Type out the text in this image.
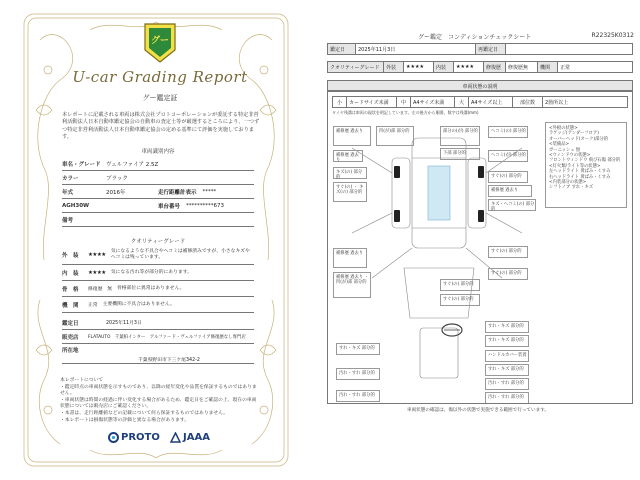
グー
U-car Grading Report
グー鑑定証
本レポートに記載される車両は株式会社プロトコーポレーションが委託する特定非営利活動法人日本自動車鑑定協会の自動車の査定士等が厳選するところにより、一つずつ特定非営利活動法人日本自動車鑑定協会の定める基準にて評価を実施しております。
車両識別内容
車名・グレード ヴェルファイア 2.5Z
カラー	ブラック
年式	2016年	走行距離計表示 *****
AGH30W	車台番号 **********673
備考
クオリティーグレード
外　装	★★★★
気になるような不具合やヘコミは補修済みですが、小さなキズやヘコミは残っています。
内　装	★★★★ 気になる汚れ等が部分的にあります。
骨　格	修復歴　無 骨格部位に異常はありません。
機　関	正常 主要機関に不具合はありません。
鑑定日	2025年11月3日
販売店	FLATAUTO　千葉柏インター　アルファード・ヴェルファイア修復歴なし専門店
所在地
千葉県野田市下三ケ尾342-2
本レポートについて
・鑑定時点の車両状態を示すものであり、以降の経年変化や品質を保証するものではありません。
・車両状態は時間の経過に伴い変化する場合があるため、鑑定日をご確認の上、現在の車両状態については販売店にご確認ください。
・本書は、走行距離値などの記載について何ら保証するものではありません。
・本レポートは損傷状態等の評価と異なる場合があります。
PROTO JAAA
グー鑑定　コンディションチェックシート	R22325K0312
鑑定日	2025年11月3日	再鑑定日	
クオリティーグレード	外装	★★★★	内装	★★★★	修復歴	修復歴無	機関	正常
車両状態の説明
小	カードサイズ未満	中	A4サイズ未満	大	A4サイズ以上	部位数	2箇所以上
タイヤ残溝は車両の現状を明記しています。左の後方から順番。数字は残溝(mm)
補修歴 過去り	凹(が)部 部分的	部分の(が) 部分的
下部 部分的
補修歴 過去り
ヘコミ(の) 部分的
ヘコミ(が) 部分的
キズ(の) 部分的
すぐ(の) ・ キズ(の) 部分的
すぐ(の) 部分的
補修歴 過去り
キズ・ヘコミ(の) 部分的
補修歴 過去り	すぐ(の) 部分的
補修歴 過去り ・ 凹(が)部 部分的	すぐ(の) 部分的
すぐ(の) 部分的
すぐ(の) 部分的
<外板の状態>
ラゲッジ(アンダーフロア)
オーバーヘッド(オーク)部分的
<装備品>
ガーニッシュ 無
<ウィンドウの状態>
フロントウィンドウ 飛び石傷 部分的
<灯火類/ライト等の状態>
左ヘッドライト 黄ばみ・くすみ
右ヘッドライト 黄ばみ・くすみ
<内装部分の状態>
シフトノブ すれ・キズ
すれ・キズ 部分的
すれ・キズ 部分的
すれ・キズ 部分的
ハンドルカバー装着
すれ・キズ 部分的
汚れ・すれ 部分的
汚れ・すれ 部分的
汚れ・すれ 部分的	汚れ・すれ 部分的
車両状態の確認は、傷以外の状態で実施できる範囲で行っています。
